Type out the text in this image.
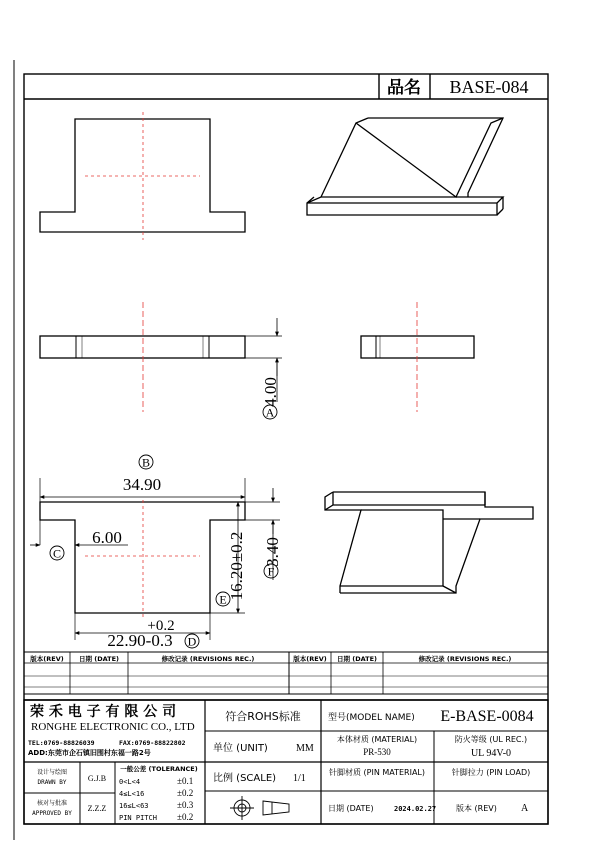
品名 BASE-084
4.00
A
B
34.90
6.00
C	3.40
F
16.20±0.2
E
+0.2
22.90-0.3 D
版本(REV) 日期 (DATE)	修改记录 (REVISIONS REC.)	版本(REV) 日期 (DATE)	修改记录 (REVISIONS REC.)
荣 禾 电 子 有 限 公 司
RONGHE ELECTRONIC CO., LTD
TEL:0769-88826039	FAX:0769-88822802
ADD:东莞市企石镇旧围村东福一路2号
符合ROHS标准	型号(MODEL NAME) E-BASE-0084
单位 (UNIT)	MM
本体材质 (MATERIAL)
PR-530
防火等级 (UL REC.)
UL 94V-0
设计与绘图
DRAWN BY	G.J.B
核对与批准
APPROVED BY
Z.Z.Z
一般公差 (TOLERANCE)
0<L<4	±0.1
4≤L<16	±0.2
16≤L<63	±0.3
PIN PITCH ±0.2
比例 (SCALE) 1/1
针脚材质 (PIN MATERIAL)	针脚拉力 (PIN LOAD)
日期 (DATE)	2024.02.27 版本 (REV) A
